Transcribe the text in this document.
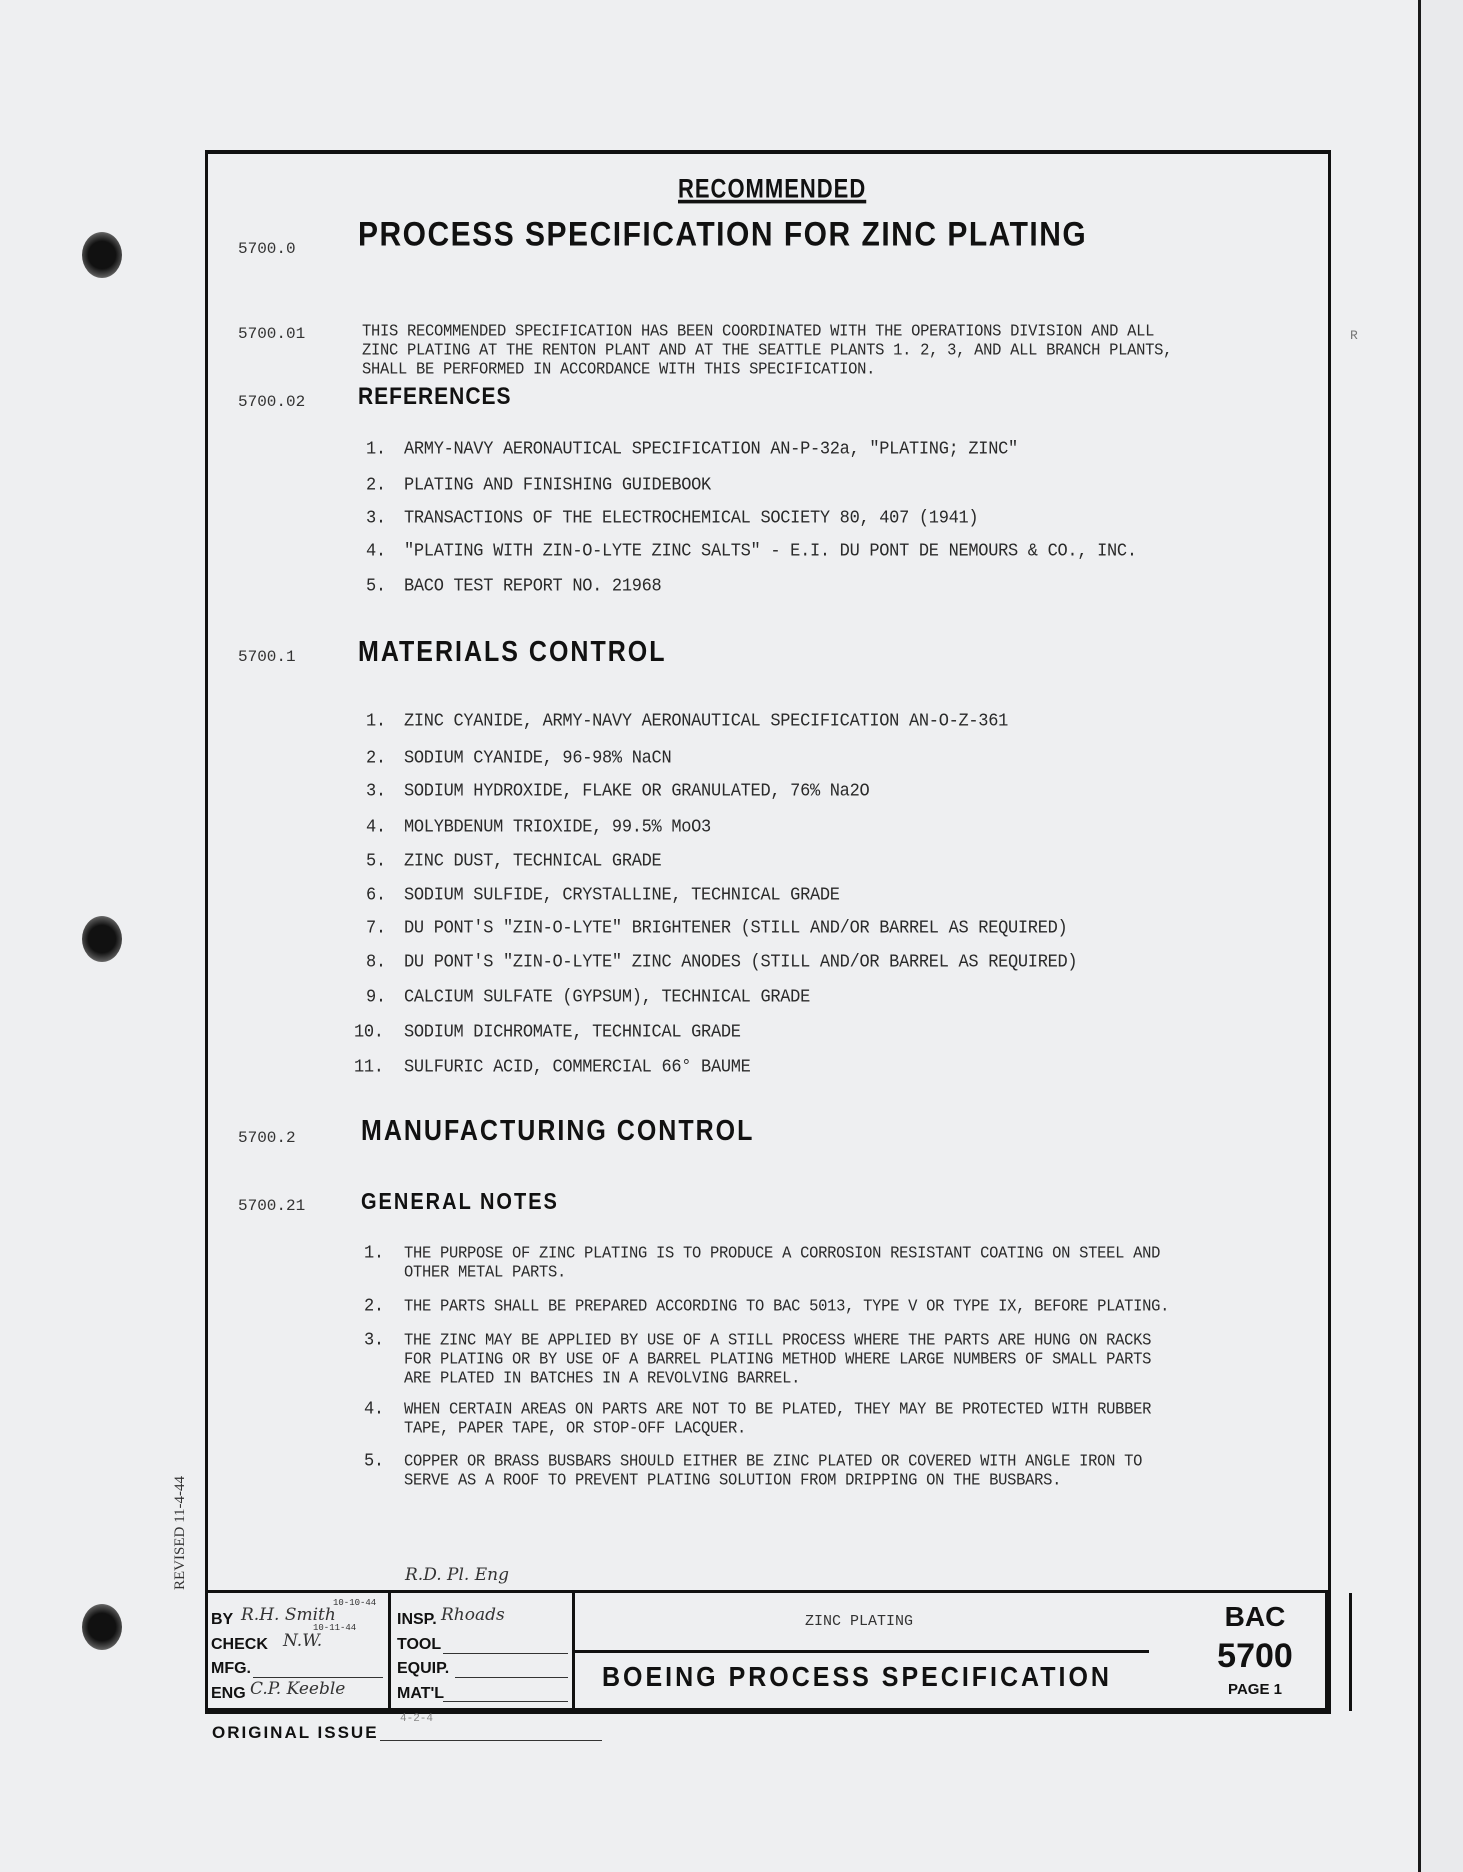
RECOMMENDED
5700.0 PROCESS SPECIFICATION FOR ZINC PLATING
5700.01	THIS RECOMMENDED SPECIFICATION HAS BEEN COORDINATED WITH THE OPERATIONS DIVISION AND ALL
ZINC PLATING AT THE RENTON PLANT AND AT THE SEATTLE PLANTS 1. 2, 3, AND ALL BRANCH PLANTS,
SHALL BE PERFORMED IN ACCORDANCE WITH THIS SPECIFICATION.
R
5700.02	REFERENCES
1. ARMY-NAVY AERONAUTICAL SPECIFICATION AN-P-32a, "PLATING; ZINC"
2. PLATING AND FINISHING GUIDEBOOK
3. TRANSACTIONS OF THE ELECTROCHEMICAL SOCIETY 80, 407 (1941)
4. "PLATING WITH ZIN-O-LYTE ZINC SALTS" - E.I. DU PONT DE NEMOURS & CO., INC.
5. BACO TEST REPORT NO. 21968
5700.1 MATERIALS CONTROL
1. ZINC CYANIDE, ARMY-NAVY AERONAUTICAL SPECIFICATION AN-O-Z-361
2. SODIUM CYANIDE, 96-98% NaCN
3. SODIUM HYDROXIDE, FLAKE OR GRANULATED, 76% Na2O
4. MOLYBDENUM TRIOXIDE, 99.5% MoO3
5. ZINC DUST, TECHNICAL GRADE
6. SODIUM SULFIDE, CRYSTALLINE, TECHNICAL GRADE
7. DU PONT'S "ZIN-O-LYTE" BRIGHTENER (STILL AND/OR BARREL AS REQUIRED)
8. DU PONT'S "ZIN-O-LYTE" ZINC ANODES (STILL AND/OR BARREL AS REQUIRED)
9. CALCIUM SULFATE (GYPSUM), TECHNICAL GRADE
10. SODIUM DICHROMATE, TECHNICAL GRADE
11. SULFURIC ACID, COMMERCIAL 66° BAUME
5700.2	MANUFACTURING CONTROL
5700.21	GENERAL NOTES
1. THE PURPOSE OF ZINC PLATING IS TO PRODUCE A CORROSION RESISTANT COATING ON STEEL AND
OTHER METAL PARTS.
2. THE PARTS SHALL BE PREPARED ACCORDING TO BAC 5013, TYPE V OR TYPE IX, BEFORE PLATING.
3. THE ZINC MAY BE APPLIED BY USE OF A STILL PROCESS WHERE THE PARTS ARE HUNG ON RACKS
FOR PLATING OR BY USE OF A BARREL PLATING METHOD WHERE LARGE NUMBERS OF SMALL PARTS
ARE PLATED IN BATCHES IN A REVOLVING BARREL.
4. WHEN CERTAIN AREAS ON PARTS ARE NOT TO BE PLATED, THEY MAY BE PROTECTED WITH RUBBER
TAPE, PAPER TAPE, OR STOP-OFF LACQUER.
5. COPPER OR BRASS BUSBARS SHOULD EITHER BE ZINC PLATED OR COVERED WITH ANGLE IRON TO
SERVE AS A ROOF TO PREVENT PLATING SOLUTION FROM DRIPPING ON THE BUSBARS.
REVISED 11-4-44
BY R.H. Smith
10-10-44
CHECK N.W.
10-11-44
MFG.
ENG C.P. Keeble
R.D. Pl. Eng
INSP. Rhoads
TOOL
EQUIP.
MAT'L
ZINC PLATING
BOEING PROCESS SPECIFICATION
BAC
5700
PAGE 1
ORIGINAL ISSUE
4-2-4
